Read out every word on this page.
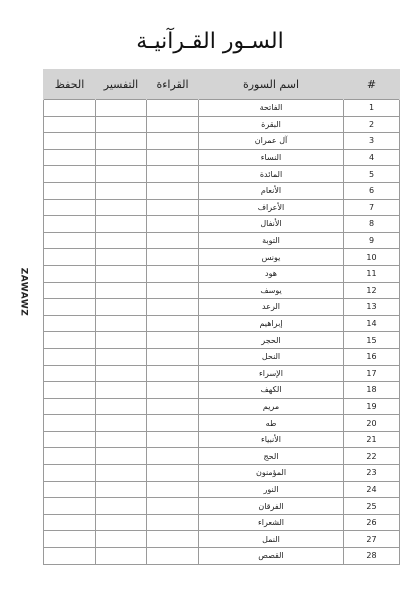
السـور القـرآنيـة
ZAWAWZ
الحفظ	التفسير	القراءة	اسم السورة	#
			الفاتحة	1
			البقرة	2
			آل عمران	3
			النساء	4
			المائدة	5
			الأنعام	6
			الأعراف	7
			الأنفال	8
			التوبة	9
			يونس	10
			هود	11
			يوسف	12
			الرعد	13
			إبراهيم	14
			الحجر	15
			النحل	16
			الإسراء	17
			الكهف	18
			مريم	19
			طه	20
			الأنبياء	21
			الحج	22
			المؤمنون	23
			النور	24
			الفرقان	25
			الشعراء	26
			النمل	27
			القصص	28
